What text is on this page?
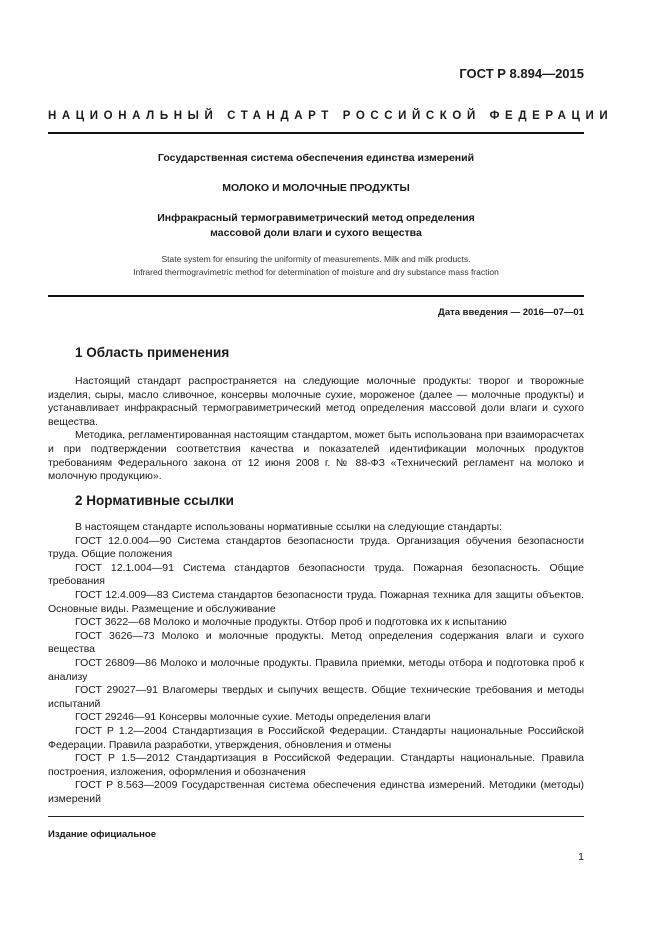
ГОСТ Р 8.894—2015
НАЦИОНАЛЬНЫЙ СТАНДАРТ РОССИЙСКОЙ ФЕДЕРАЦИИ
Государственная система обеспечения единства измерений
МОЛОКО И МОЛОЧНЫЕ ПРОДУКТЫ
Инфракрасный термогравиметрический метод определения
массовой доли влаги и сухого вещества
State system for ensuring the uniformity of measurements. Milk and milk products.
Infrared thermogravimetric method for determination of moisture and dry substance mass fraction
Дата введения — 2016—07—01
1 Область применения

Настоящий стандарт распространяется на следующие молочные продукты: творог и творожные изделия, сыры, масло сливочное, консервы молочные сухие, мороженое (далее — молочные продукты) и устанавливает инфракрасный термогравиметрический метод определения массовой доли влаги и сухого вещества.

Методика, регламентированная настоящим стандартом, может быть использована при взаиморасчетах и при подтверждении соответствия качества и показателей идентификации молочных продуктов требованиям Федерального закона от 12 июня 2008 г. № 88-ФЗ «Технический регламент на молоко и молочную продукцию».

2 Нормативные ссылки

В настоящем стандарте использованы нормативные ссылки на следующие стандарты:

ГОСТ 12.0.004—90 Система стандартов безопасности труда. Организация обучения безопасности труда. Общие положения

ГОСТ 12.1.004—91 Система стандартов безопасности труда. Пожарная безопасность. Общие требования

ГОСТ 12.4.009—83 Система стандартов безопасности труда. Пожарная техника для защиты объектов. Основные виды. Размещение и обслуживание

ГОСТ 3622—68 Молоко и молочные продукты. Отбор проб и подготовка их к испытанию

ГОСТ 3626—73 Молоко и молочные продукты. Метод определения содержания влаги и сухого вещества

ГОСТ 26809—86 Молоко и молочные продукты. Правила приемки, методы отбора и подготовка проб к анализу

ГОСТ 29027—91 Влагомеры твердых и сыпучих веществ. Общие технические требования и методы испытаний

ГОСТ 29246—91 Консервы молочные сухие. Методы определения влаги

ГОСТ Р 1.2—2004 Стандартизация в Российской Федерации. Стандарты национальные Российской Федерации. Правила разработки, утверждения, обновления и отмены

ГОСТ Р 1.5—2012 Стандартизация в Российской Федерации. Стандарты национальные. Правила построения, изложения, оформления и обозначения

ГОСТ Р 8.563—2009 Государственная система обеспечения единства измерений. Методики (методы) измерений

Издание официальное
1
